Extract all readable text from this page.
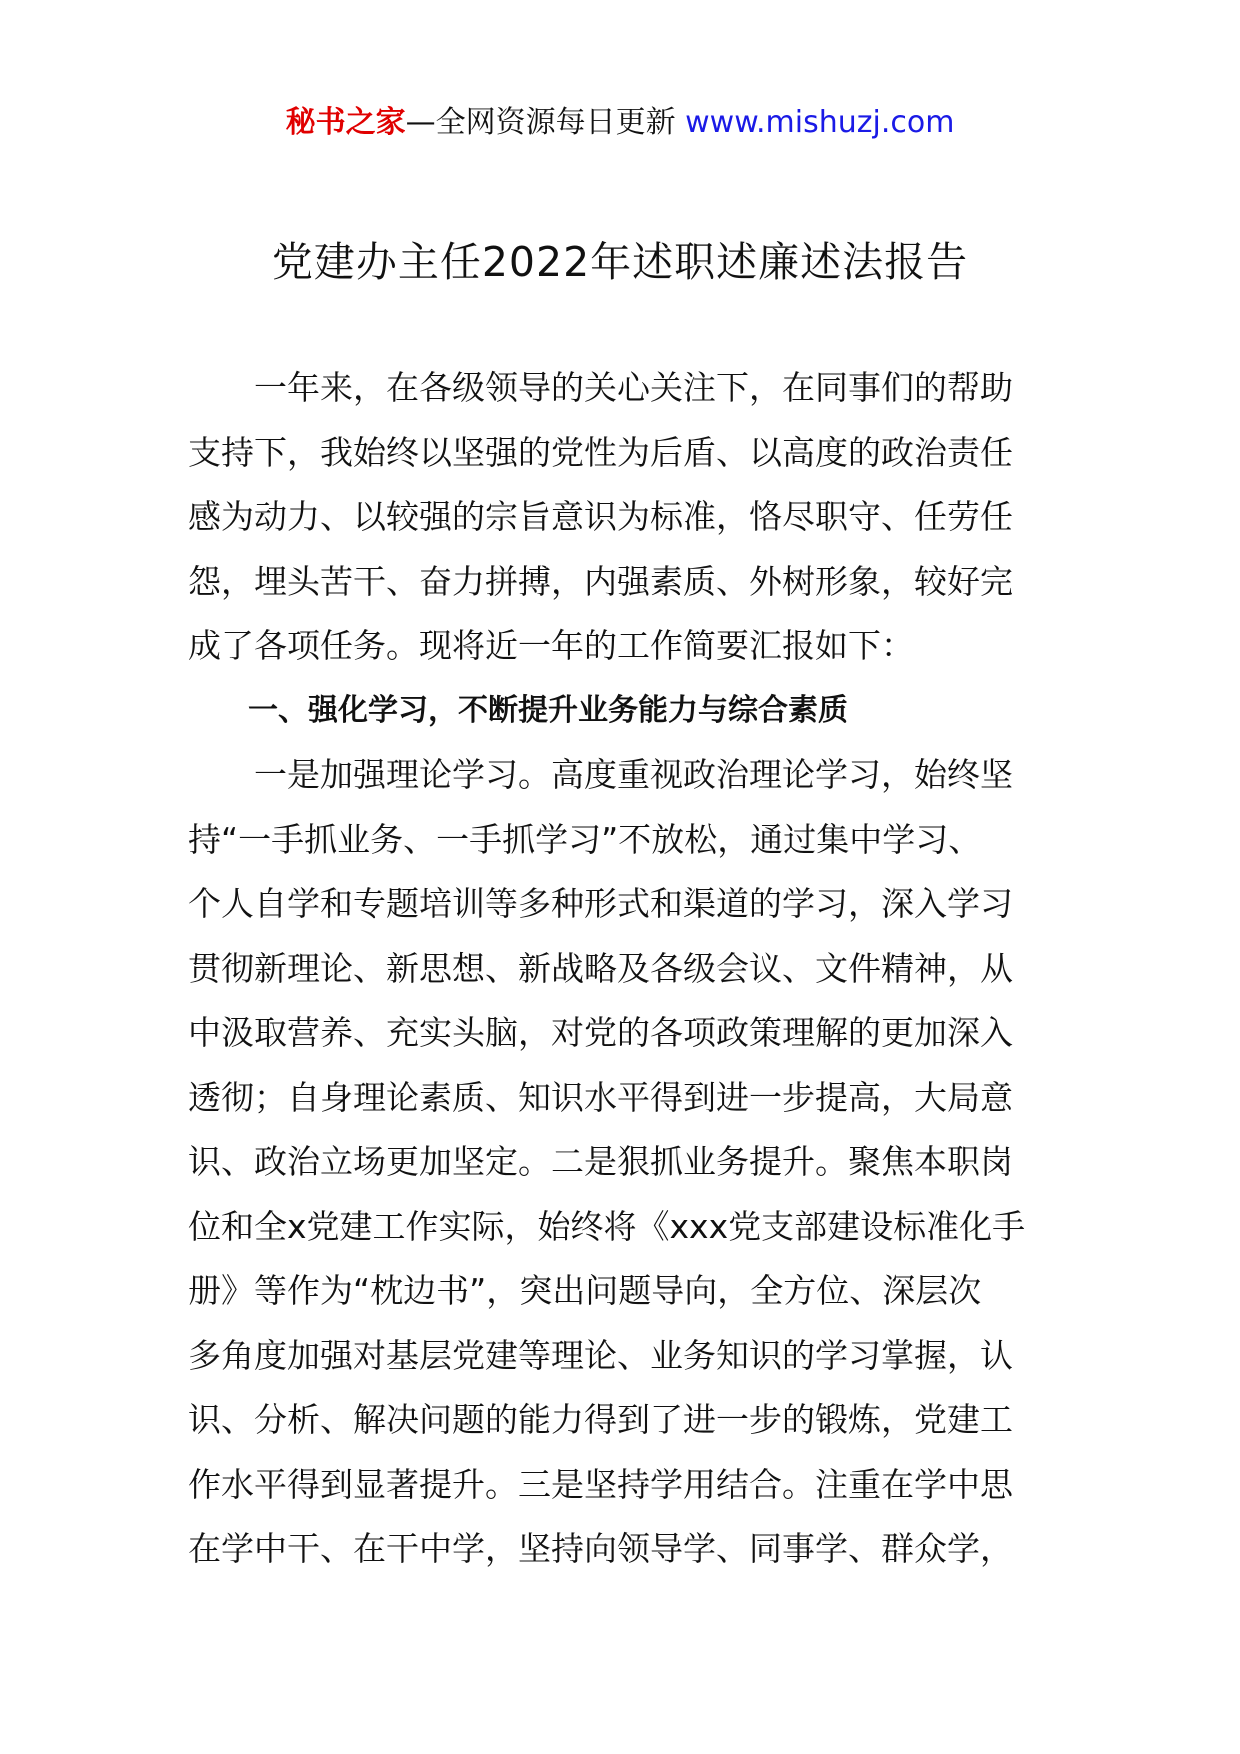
秘书之家—全网资源每日更新 www.mishuzj.com
党建办主任2022年述职述廉述法报告
　　一年来，在各级领导的关心关注下，在同事们的帮助
支持下，我始终以坚强的党性为后盾、以高度的政治责任
感为动力、以较强的宗旨意识为标准，恪尽职守、任劳任
怨，埋头苦干、奋力拼搏，内强素质、外树形象，较好完
成了各项任务。现将近一年的工作简要汇报如下：
　　一、强化学习，不断提升业务能力与综合素质
　　一是加强理论学习。高度重视政治理论学习，始终坚
持“一手抓业务、一手抓学习”不放松，通过集中学习、
个人自学和专题培训等多种形式和渠道的学习，深入学习
贯彻新理论、新思想、新战略及各级会议、文件精神，从
中汲取营养、充实头脑，对党的各项政策理解的更加深入
透彻；自身理论素质、知识水平得到进一步提高，大局意
识、政治立场更加坚定。二是狠抓业务提升。聚焦本职岗
位和全x党建工作实际，始终将《xxx党支部建设标准化手
册》等作为“枕边书”，突出问题导向，全方位、深层次
多角度加强对基层党建等理论、业务知识的学习掌握，认
识、分析、解决问题的能力得到了进一步的锻炼，党建工
作水平得到显著提升。三是坚持学用结合。注重在学中思
在学中干、在干中学，坚持向领导学、同事学、群众学，
